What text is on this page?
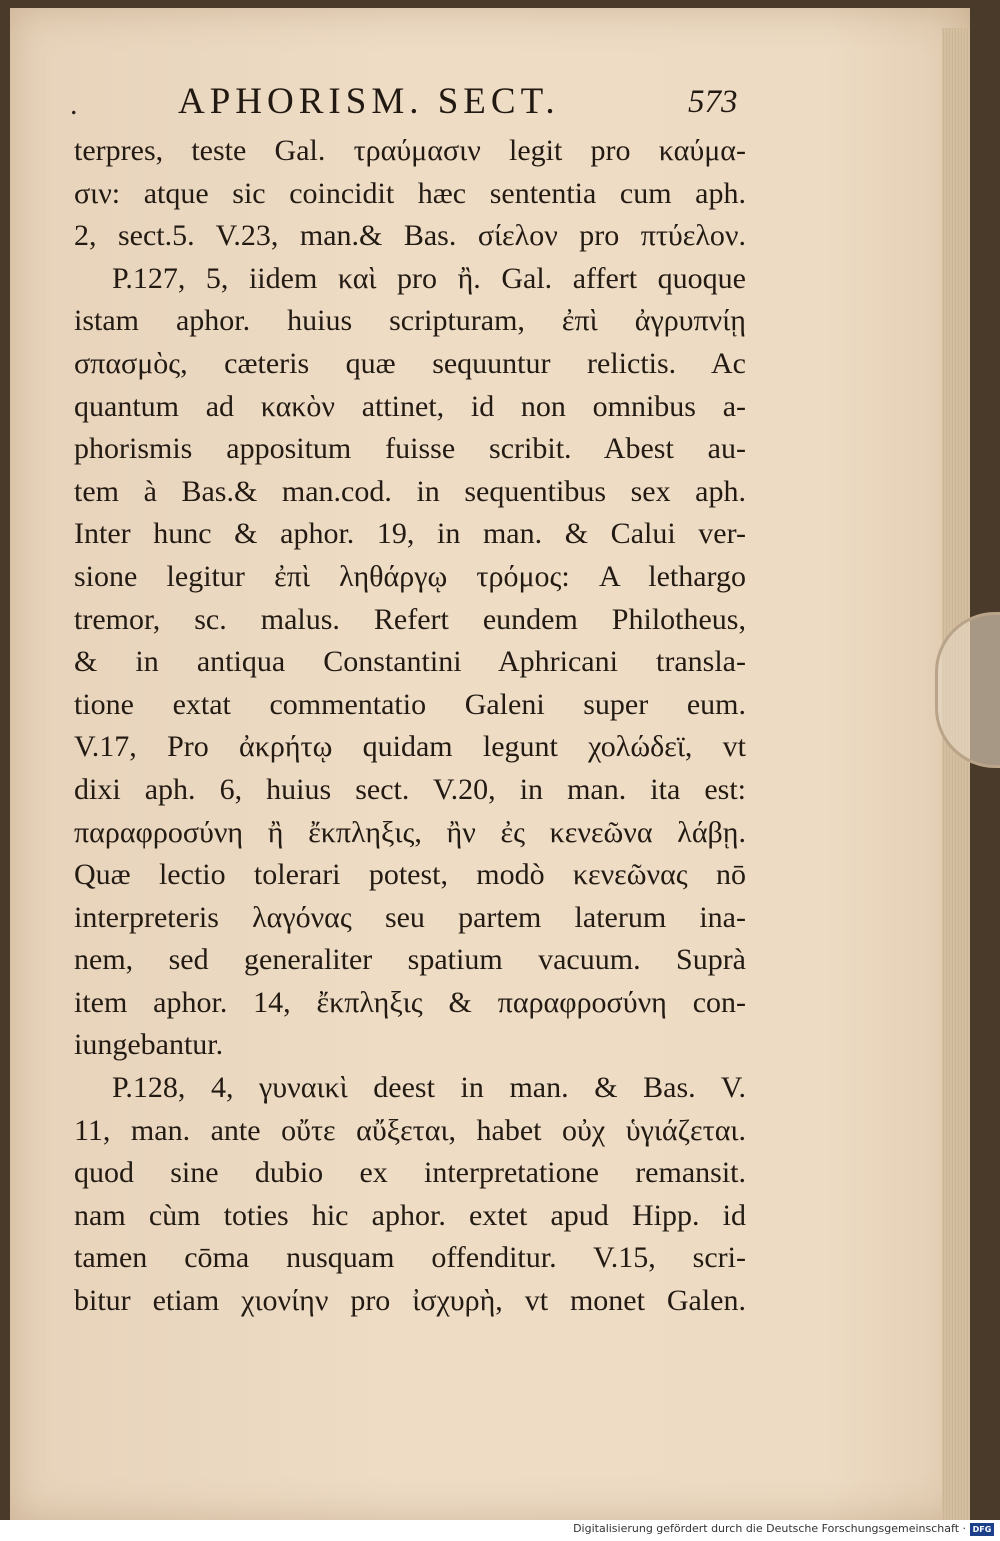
.	APHORISM. SECT.	573
terpres, teste Gal. τραύμασιν legit pro καύμα-
σιν: atque sic coincidit hæc sententia cum aph.
2, sect.5. V.23, man.& Bas. σίελον pro πτύελον.
P.127, 5, iidem καὶ pro ἢ. Gal. affert quoque
istam aphor. huius scripturam, ἐπὶ ἀγρυπνίῃ
σπασμὸς, cæteris quæ sequuntur relictis. Ac
quantum ad κακὸν attinet, id non omnibus a-
phorismis appositum fuisse scribit. Abest au-
tem à Bas.& man.cod. in sequentibus sex aph.
Inter hunc & aphor. 19, in man. & Calui ver-
sione legitur ἐπὶ ληθάργῳ τρόμος: A lethargo
tremor, sc. malus. Refert eundem Philotheus,
& in antiqua Constantini Aphricani transla-
tione extat commentatio Galeni super eum.
V.17, Pro ἀκρήτῳ quidam legunt χολώδεϊ, vt
dixi aph. 6, huius sect. V.20, in man. ita est:
παραφροσύνη ἢ ἔκπληξις, ἢν ἐς κενεῶνα λάβῃ.
Quæ lectio tolerari potest, modò κενεῶνας nō
interpreteris λαγόνας seu partem laterum ina-
nem, sed generaliter spatium vacuum. Suprà
item aphor. 14, ἔκπληξις & παραφροσύνη con-
iungebantur.
P.128, 4, γυναικὶ deest in man. & Bas. V.
11, man. ante οὔτε αὔξεται, habet οὐχ ὑγιάζεται.
quod sine dubio ex interpretatione remansit.
nam cùm toties hic aphor. extet apud Hipp. id
tamen cōma nusquam offenditur. V.15, scri-
bitur etiam χιονίην pro ἰσχυρὴ, vt monet Galen.
Digitalisierung gefördert durch die Deutsche Forschungsgemeinschaft · DFG
